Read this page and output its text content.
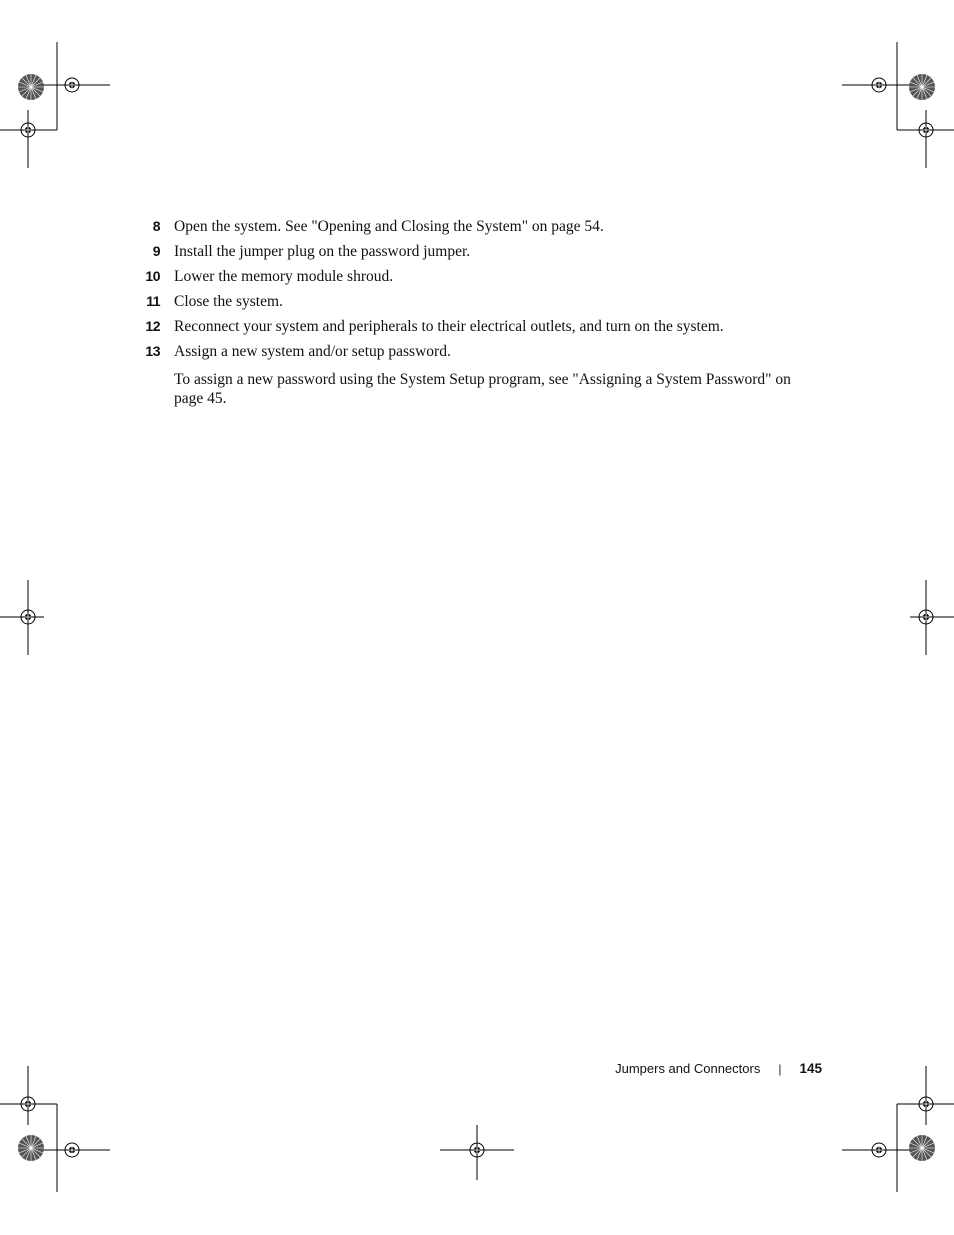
8 Open the system. See "Opening and Closing the System" on page 54.
9 Install the jumper plug on the password jumper.
10 Lower the memory module shroud.
11 Close the system.
12 Reconnect your system and peripherals to their electrical outlets, and turn on the system.
13 Assign a new system and/or setup password.
To assign a new password using the System Setup program, see "Assigning a System Password" on page 45.
Jumpers and Connectors | 145
